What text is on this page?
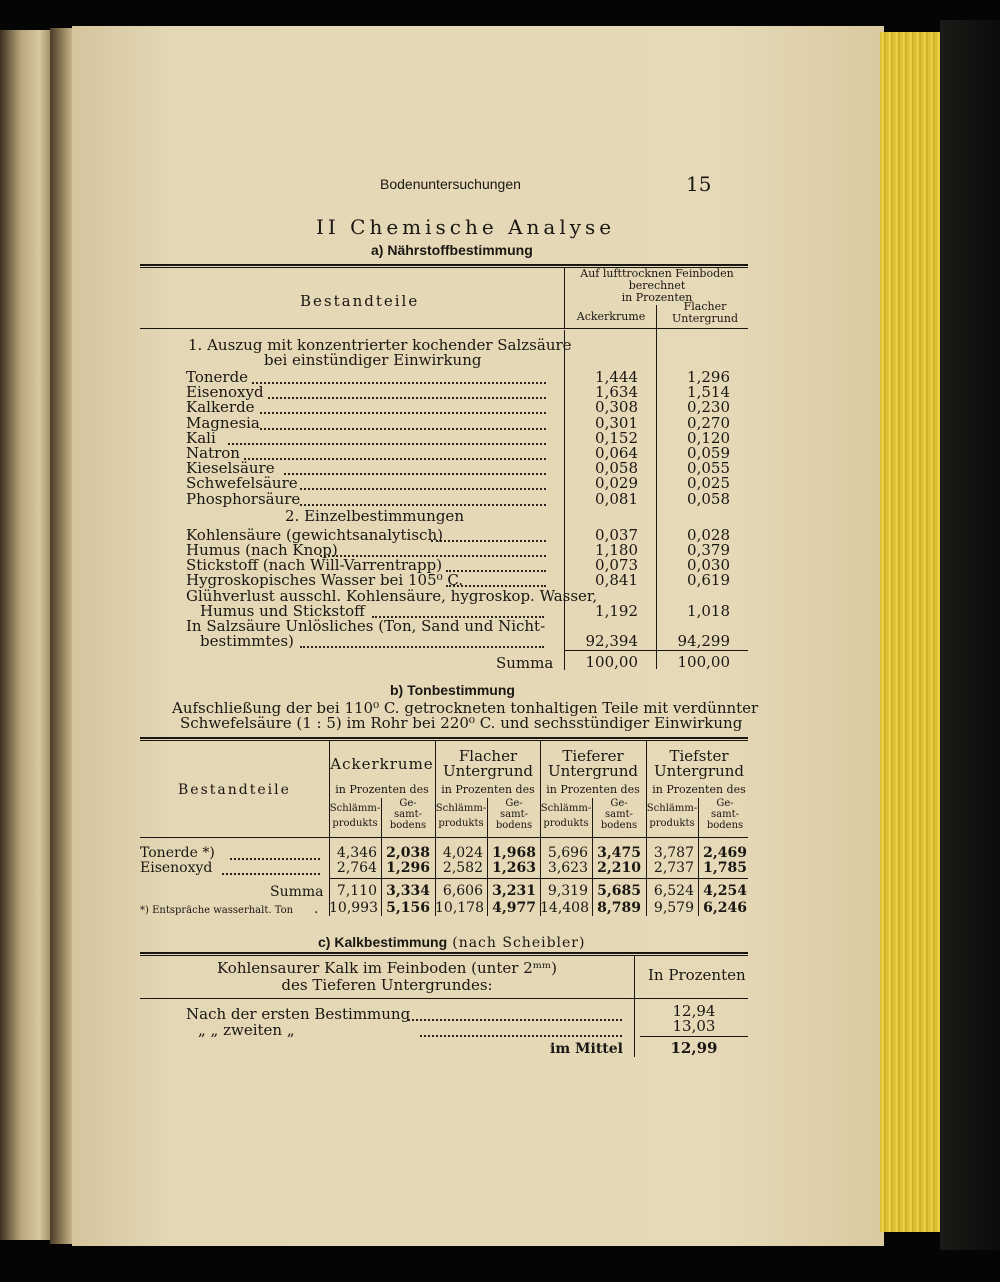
Bodenuntersuchungen	15
II Chemische Analyse
a) Nährstoffbestimmung
Bestandteile
Auf lufttrocknen Feinboden
berechnet
in Prozenten
Ackerkrume
Flacher
Untergrund
1. Auszug mit konzentrierter kochender Salzsäure
bei einstündiger Einwirkung
Tonerde	1,444	1,296
Eisenoxyd	1,634	1,514
Kalkerde	0,308	0,230
Magnesia	0,301	0,270
Kali	0,152	0,120
Natron	0,064	0,059
Kieselsäure	0,058	0,055
Schwefelsäure	0,029	0,025
Phosphorsäure	0,081	0,058
2. Einzelbestimmungen
Kohlensäure (gewichtsanalytisch)	0,037	0,028
Humus (nach Knop)	1,180	0,379
Stickstoff (nach Will-Varrentrapp)	0,073	0,030
Hygroskopisches Wasser bei 105⁰ C.	0,841	0,619
Glühverlust ausschl. Kohlensäure, hygroskop. Wasser,
Humus und Stickstoff	1,192	1,018
In Salzsäure Unlösliches (Ton, Sand und Nicht-
bestimmtes)	92,394	94,299
Summa	100,00	100,00
b) Tonbestimmung
Aufschließung der bei 110⁰ C. getrockneten tonhaltigen Teile mit verdünnter
Schwefelsäure (1 : 5) im Rohr bei 220⁰ C. und sechsstündiger Einwirkung
Bestandteile
Ackerkrume
in Prozenten des
Schlämm-
produkts
Ge-
samt-
bodens
Flacher
Untergrund
in Prozenten des
Schlämm-
produkts
Ge-
samt-
bodens
Tieferer
Untergrund
in Prozenten des
Schlämm-
produkts
Ge-
samt-
bodens
Tiefster
Untergrund
in Prozenten des
Schlämm-
produkts
Ge-
samt-
bodens
Tonerde *)	4,346 2,038 4,024 1,968 5,696 3,475 3,787 2,469
Eisenoxyd	2,764 1,296 2,582 1,263 3,623 2,210 2,737 1,785
Summa 7,110 3,334 6,606 3,231 9,319 5,685 6,524 4,254
*) Entspräche wasserhalt. Ton . 10,993 5,156 10,178 4,977 14,408 8,789 9,579 6,246
c) Kalkbestimmung (nach Scheibler)
Kohlensaurer Kalk im Feinboden (unter 2ᵐᵐ)
des Tieferen Untergrundes:
In Prozenten
Nach der ersten Bestimmung	12,94
„ „ zweiten „	13,03
im Mittel	12,99
